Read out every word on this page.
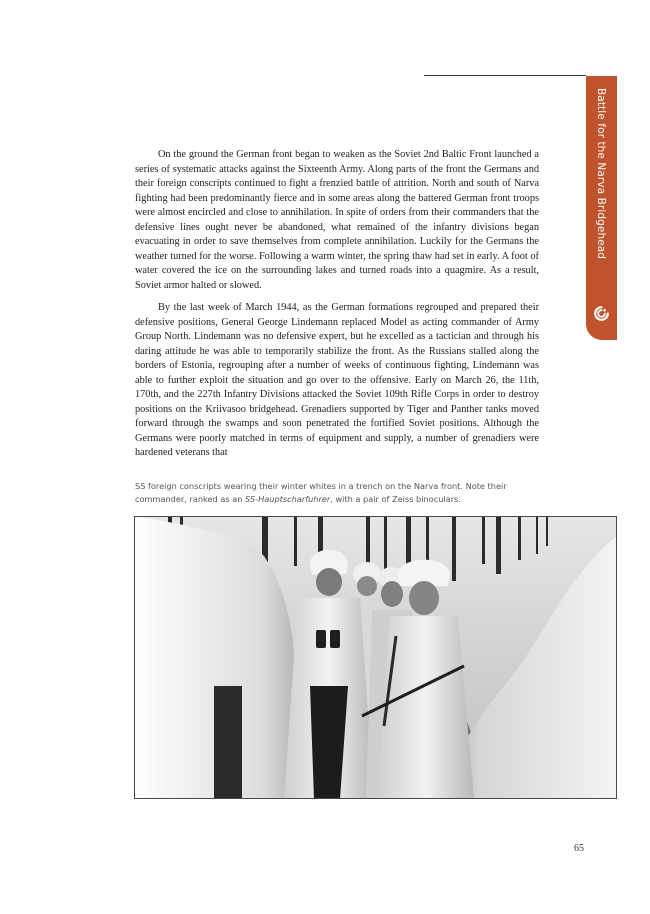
Battle for the Narva Bridgehead

On the ground the German front began to weaken as the Soviet 2nd Baltic Front launched a series of systematic attacks against the Sixteenth Army. Along parts of the front the Germans and their foreign conscripts continued to fight a frenzied battle of attrition. North and south of Narva fighting had been predominantly fierce and in some areas along the battered German front troops were almost encircled and close to annihilation. In spite of orders from their commanders that the defensive lines ought never be abandoned, what remained of the infantry divisions began evacuating in order to save themselves from complete annihilation. Luckily for the Germans the weather turned for the worse. Following a warm winter, the spring thaw had set in early. A foot of water covered the ice on the surrounding lakes and turned roads into a quagmire. As a result, Soviet armor halted or slowed.

By the last week of March 1944, as the German formations regrouped and prepared their defensive positions, General George Lindemann replaced Model as acting commander of Army Group North. Lindemann was no defensive expert, but he excelled as a tactician and through his daring attitude he was able to temporarily stabilize the front. As the Russians stalled along the borders of Estonia, regrouping after a number of weeks of continuous fighting, Lindemann was able to further exploit the situation and go over to the offensive. Early on March 26, the 11th, 170th, and the 227th Infantry Divisions attacked the Soviet 109th Rifle Corps in order to destroy positions on the Kriivasoo bridgehead. Grenadiers supported by Tiger and Panther tanks moved forward through the swamps and soon penetrated the fortified Soviet positions. Although the Germans were poorly matched in terms of equipment and supply, a number of grenadiers were hardened veterans that

SS foreign conscripts wearing their winter whites in a trench on the Narva front. Note their commander, ranked as an SS-Hauptscharfuhrer, with a pair of Zeiss binoculars.
65
